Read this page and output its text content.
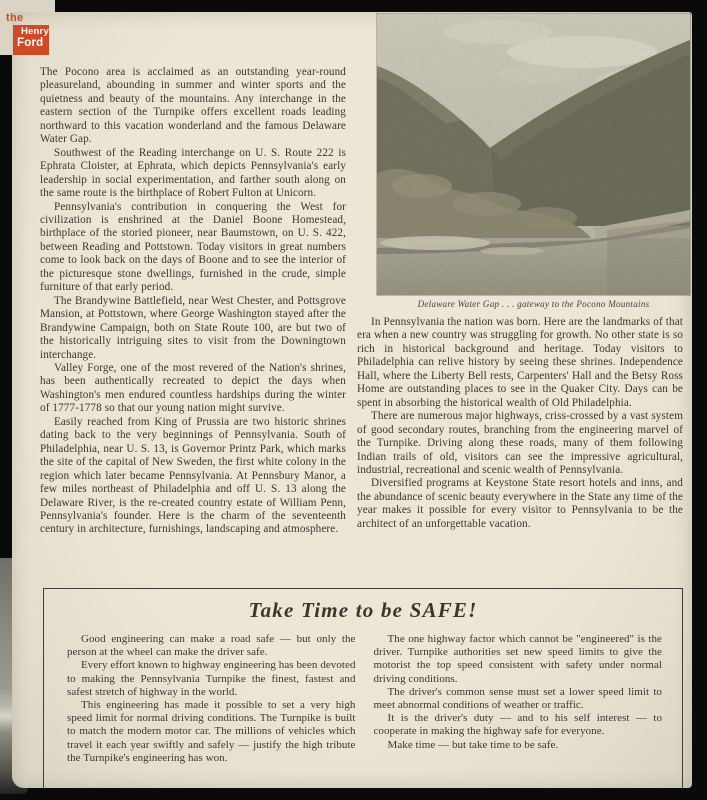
The Pocono area is acclaimed as an outstanding year-round pleasureland, abounding in summer and winter sports and the quietness and beauty of the mountains. Any interchange in the eastern section of the Turnpike offers excellent roads leading northward to this vacation wonderland and the famous Delaware Water Gap.

Southwest of the Reading interchange on U. S. Route 222 is Ephrata Cloister, at Ephrata, which depicts Pennsylvania's early leadership in social experimentation, and farther south along on the same route is the birthplace of Robert Fulton at Unicorn.

Pennsylvania's contribution in conquering the West for civilization is enshrined at the Daniel Boone Homestead, birthplace of the storied pioneer, near Baumstown, on U. S. 422, between Reading and Pottstown. Today visitors in great numbers come to look back on the days of Boone and to see the interior of the picturesque stone dwellings, furnished in the crude, simple furniture of that early period.

The Brandywine Battlefield, near West Chester, and Pottsgrove Mansion, at Pottstown, where George Washington stayed after the Brandywine Campaign, both on State Route 100, are but two of the historically intriguing sites to visit from the Downingtown interchange.

Valley Forge, one of the most revered of the Nation's shrines, has been authentically recreated to depict the days when Washington's men endured countless hardships during the winter of 1777-1778 so that our young nation might survive.

Easily reached from King of Prussia are two historic shrines dating back to the very beginnings of Pennsylvania. South of Philadelphia, near U. S. 13, is Governor Printz Park, which marks the site of the capital of New Sweden, the first white colony in the region which later became Pennsylvania. At Pennsbury Manor, a few miles northeast of Philadelphia and off U. S. 13 along the Delaware River, is the re-created country estate of William Penn, Pennsylvania's founder. Here is the charm of the seventeenth century in architecture, furnishings, landscaping and atmosphere.

Delaware Water Gap . . . gateway to the Pocono Mountains

In Pennsylvania the nation was born. Here are the landmarks of that era when a new country was struggling for growth. No other state is so rich in historical background and heritage. Today visitors to Philadelphia can relive history by seeing these shrines. Independence Hall, where the Liberty Bell rests, Carpenters' Hall and the Betsy Ross Home are outstanding places to see in the Quaker City. Days can be spent in absorbing the historical wealth of Old Philadelphia.

There are numerous major highways, criss-crossed by a vast system of good secondary routes, branching from the engineering marvel of the Turnpike. Driving along these roads, many of them following Indian trails of old, visitors can see the impressive agricultural, industrial, recreational and scenic wealth of Pennsylvania.

Diversified programs at Keystone State resort hotels and inns, and the abundance of scenic beauty everywhere in the State any time of the year makes it possible for every visitor to Pennsylvania to be the architect of an unforgettable vacation.

Take Time to be SAFE!

Good engineering can make a road safe — but only the person at the wheel can make the driver safe.

Every effort known to highway engineering has been devoted to making the Pennsylvania Turnpike the finest, fastest and safest stretch of highway in the world.

This engineering has made it possible to set a very high speed limit for normal driving conditions. The Turnpike is built to match the modern motor car. The millions of vehicles which travel it each year swiftly and safely — justify the high tribute the Turnpike's engineering has won.

The one highway factor which cannot be "engineered" is the driver. Turnpike authorities set new speed limits to give the motorist the top speed consistent with safety under normal driving conditions.

The driver's common sense must set a lower speed limit to meet abnormal conditions of weather or traffic.

It is the driver's duty — and to his self interest — to cooperate in making the highway safe for everyone.

Make time — but take time to be safe.

the
Henry
Ford
